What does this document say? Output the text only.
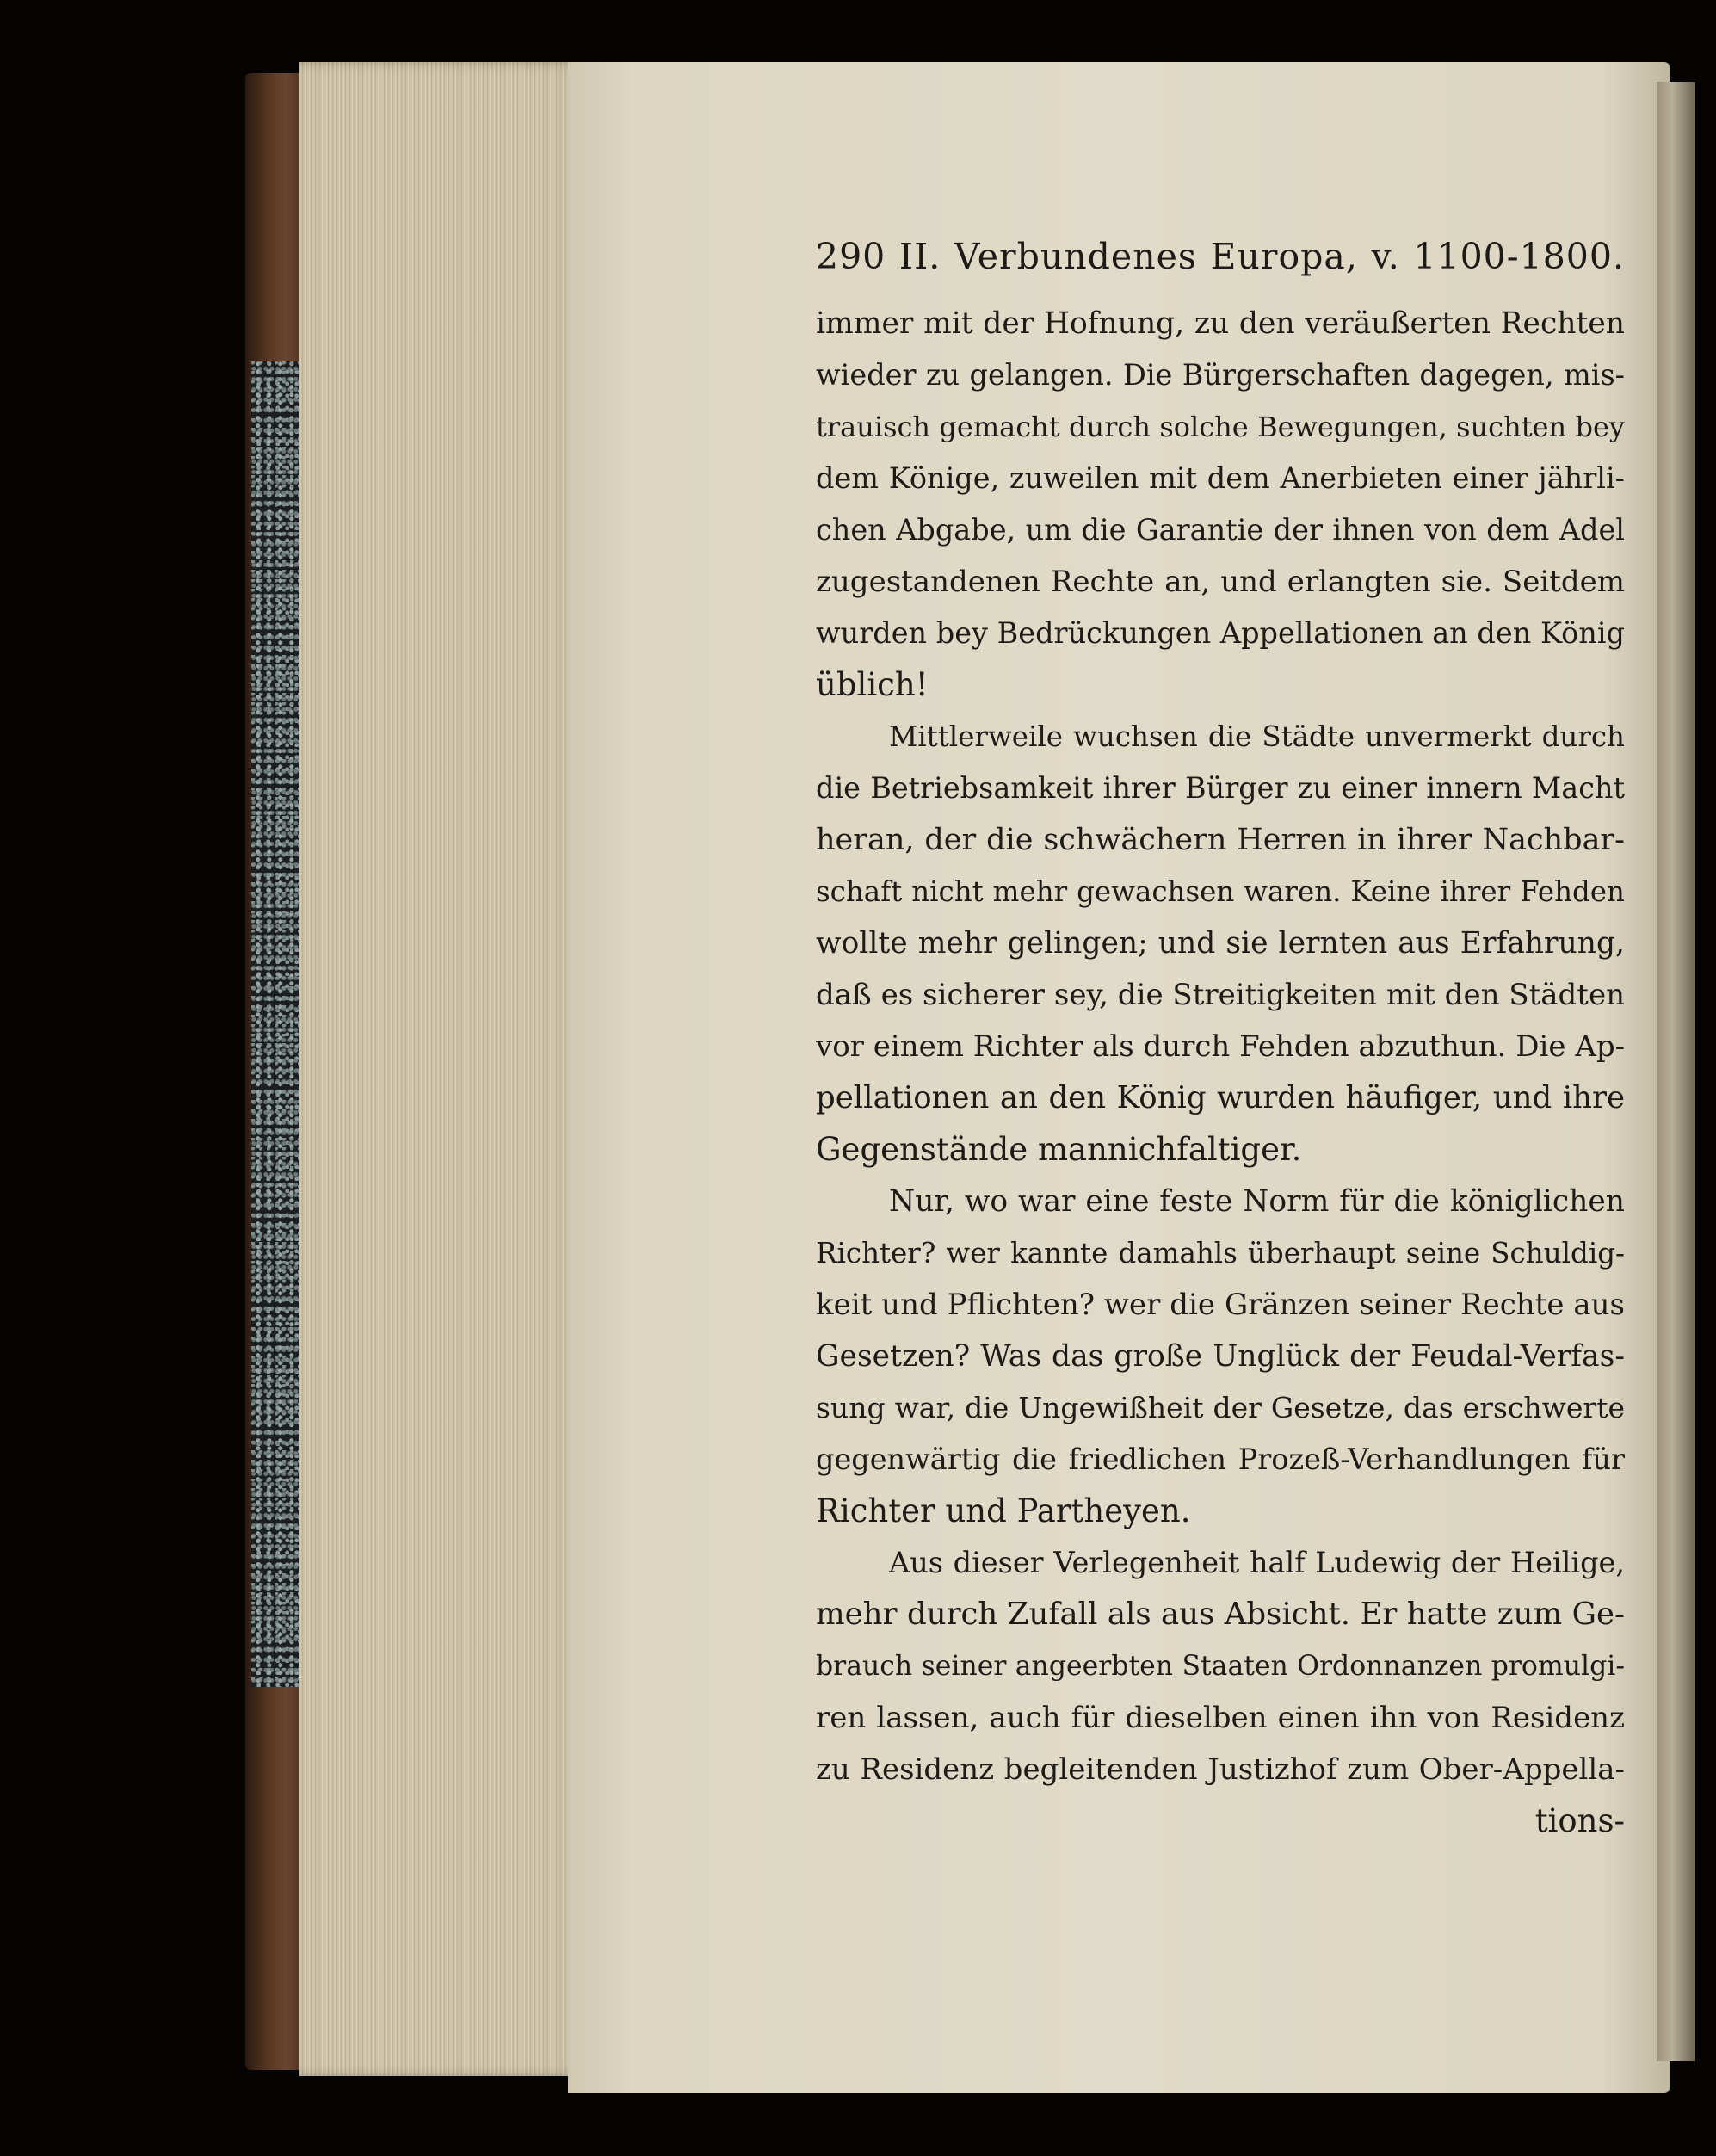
290 II. Verbundenes Europa, v. 1100-1800.
immer mit der Hofnung, zu den veräußerten Rechten
wieder zu gelangen. Die Bürgerschaften dagegen, mis-
trauisch gemacht durch solche Bewegungen, suchten bey
dem Könige, zuweilen mit dem Anerbieten einer jährli-
chen Abgabe, um die Garantie der ihnen von dem Adel
zugestandenen Rechte an, und erlangten sie. Seitdem
wurden bey Bedrückungen Appellationen an den König
üblich!
Mittlerweile wuchsen die Städte unvermerkt durch
die Betriebsamkeit ihrer Bürger zu einer innern Macht
heran, der die schwächern Herren in ihrer Nachbar-
schaft nicht mehr gewachsen waren. Keine ihrer Fehden
wollte mehr gelingen; und sie lernten aus Erfahrung,
daß es sicherer sey, die Streitigkeiten mit den Städten
vor einem Richter als durch Fehden abzuthun. Die Ap-
pellationen an den König wurden häufiger, und ihre
Gegenstände mannichfaltiger.
Nur, wo war eine feste Norm für die königlichen
Richter? wer kannte damahls überhaupt seine Schuldig-
keit und Pflichten? wer die Gränzen seiner Rechte aus
Gesetzen? Was das große Unglück der Feudal-Verfas-
sung war, die Ungewißheit der Gesetze, das erschwerte
gegenwärtig die friedlichen Prozeß-Verhandlungen für
Richter und Partheyen.
Aus dieser Verlegenheit half Ludewig der Heilige,
mehr durch Zufall als aus Absicht. Er hatte zum Ge-
brauch seiner angeerbten Staaten Ordonnanzen promulgi-
ren lassen, auch für dieselben einen ihn von Residenz
zu Residenz begleitenden Justizhof zum Ober-Appella-
tions-
